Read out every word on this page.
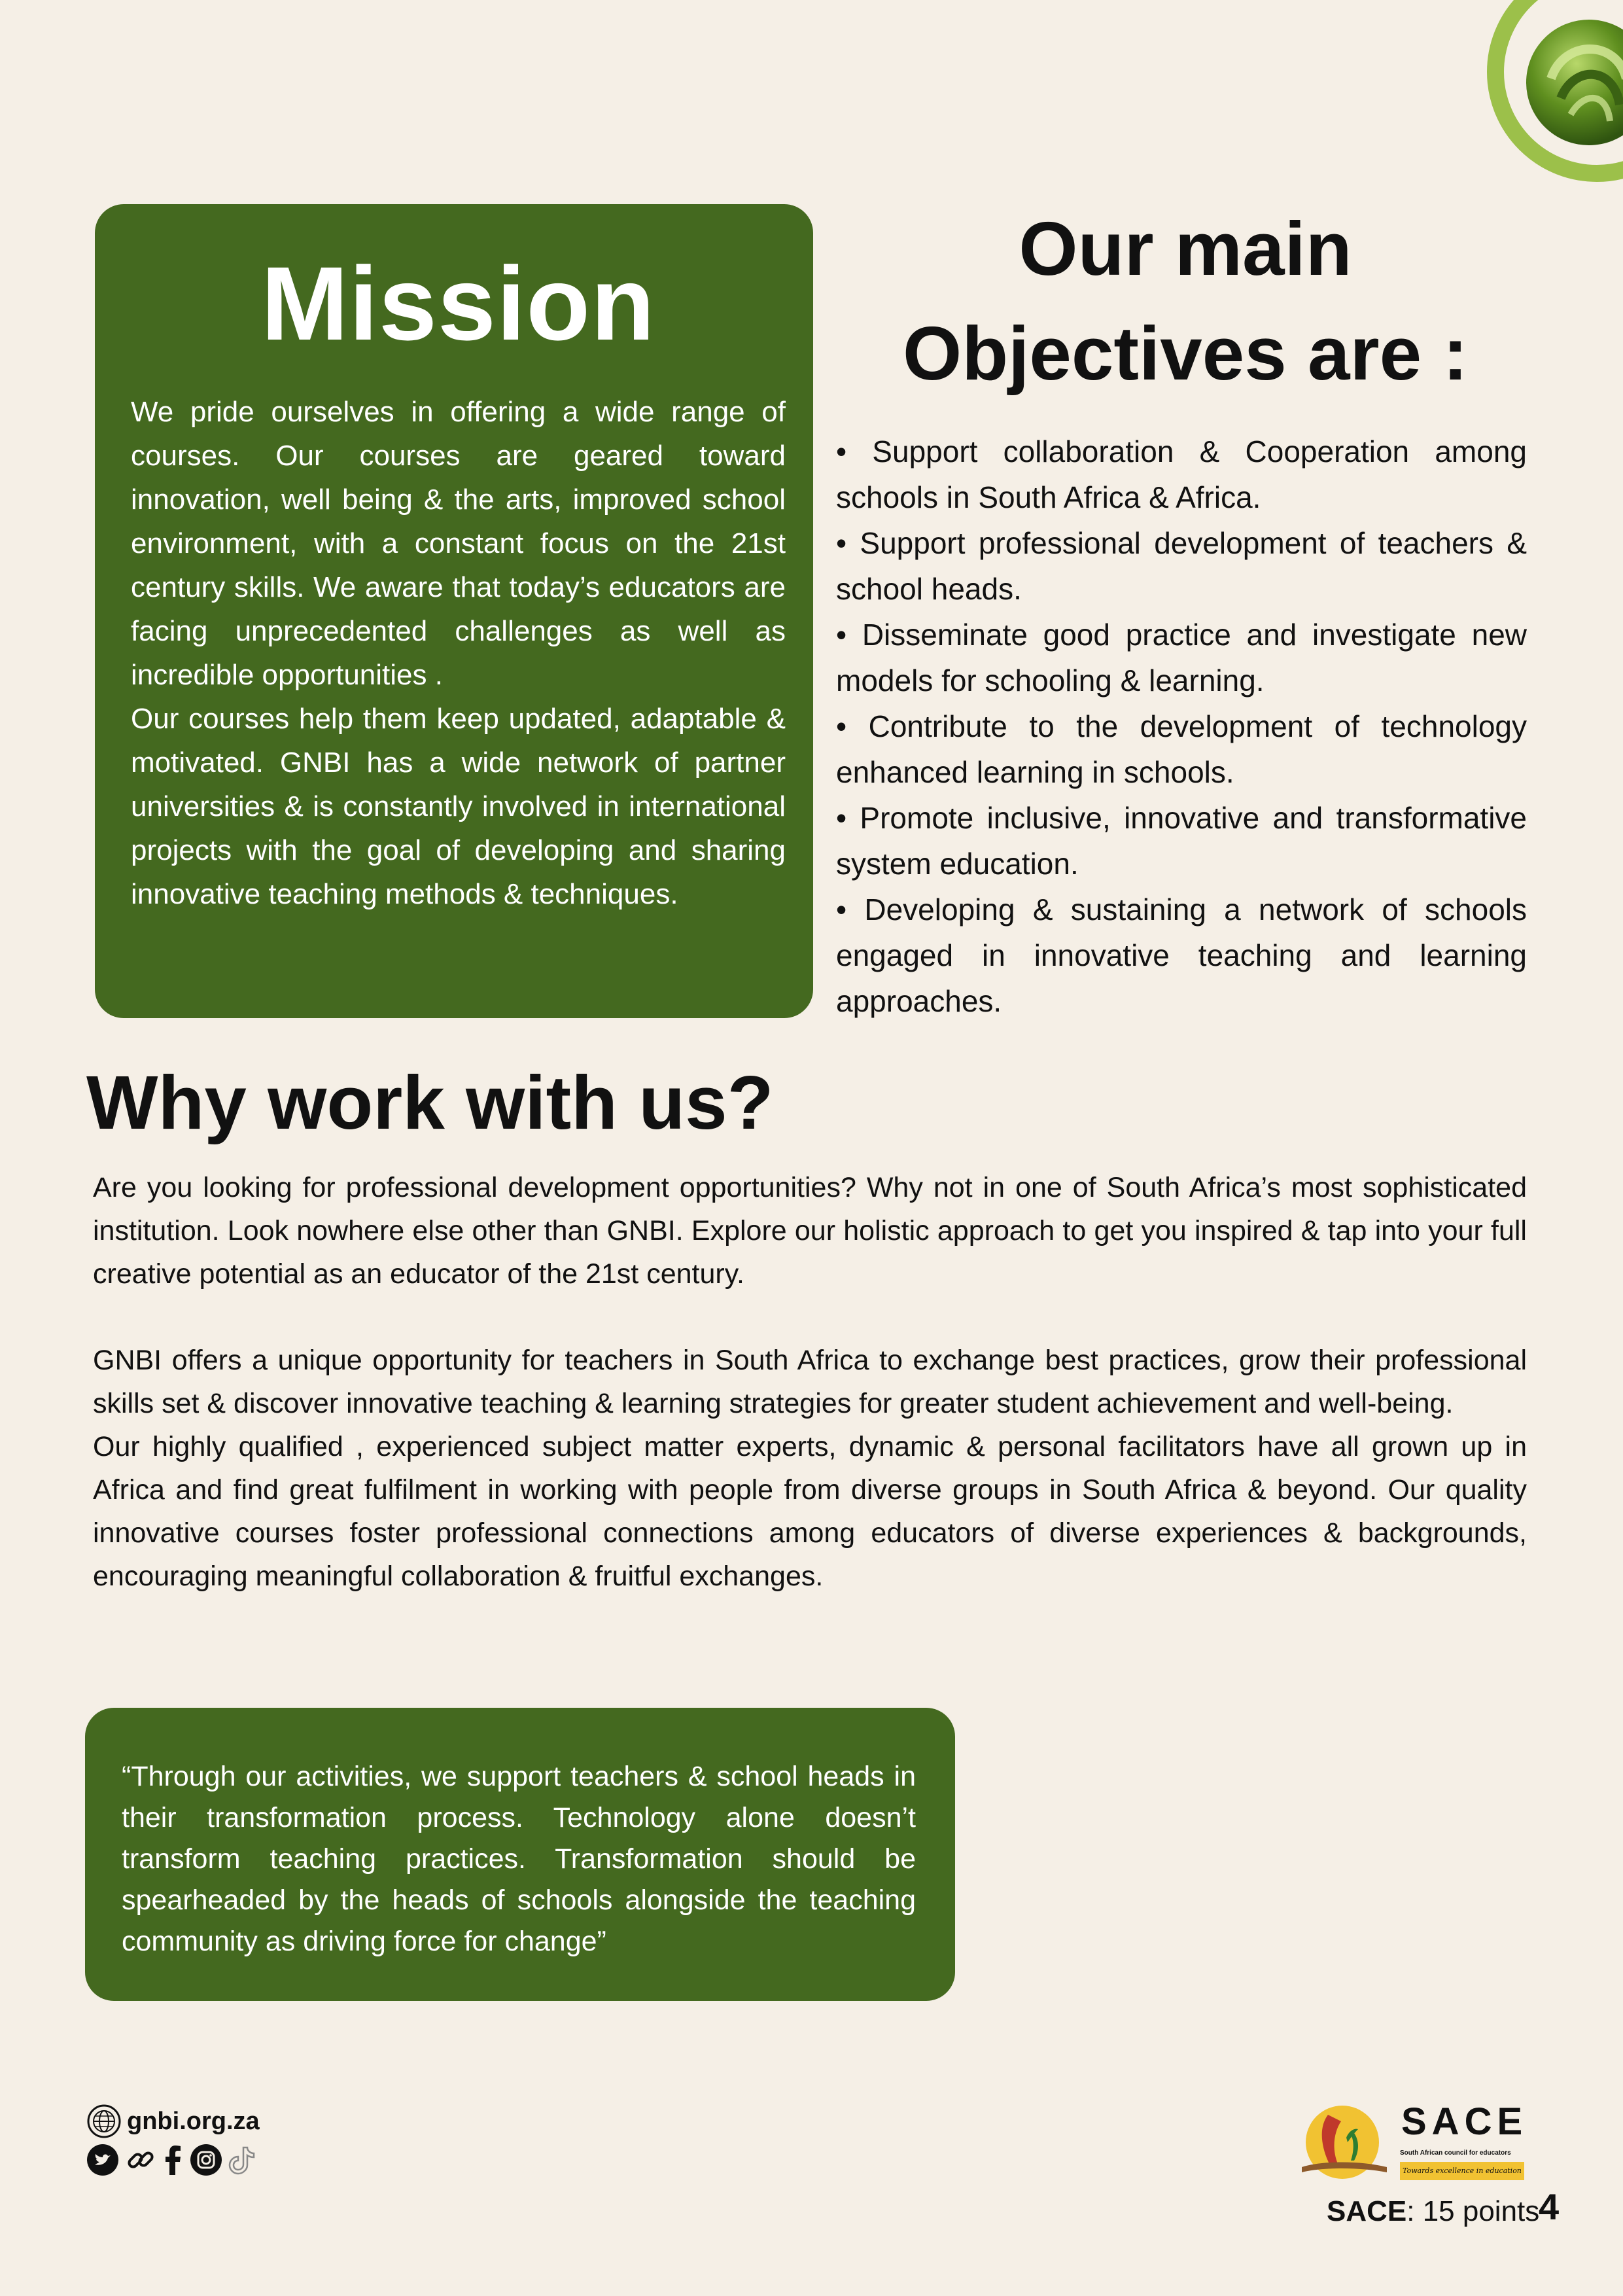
Mission

We pride ourselves in offering a wide range of courses. Our courses are geared toward innovation, well being & the arts, improved school environment, with a constant focus on the 21st century skills. We aware that today’s educators are facing unprecedented challenges as well as incredible opportunities .

Our courses help them keep updated, adaptable & motivated. GNBI has a wide network of partner universities & is constantly involved in international projects with the goal of developing and sharing innovative teaching methods & techniques.

Our main
Objectives are :

• Support collaboration & Cooperation among schools in South Africa & Africa.

• Support professional development of teachers & school heads.

• Disseminate good practice and investigate new models for schooling & learning.

• Contribute to the development of technology enhanced learning in schools.

• Promote inclusive, innovative and transformative system education.

• Developing & sustaining a network of schools engaged in innovative teaching and learning approaches.

Why work with us?

Are you looking for professional development opportunities? Why not in one of South Africa’s most sophisticated institution. Look nowhere else other than GNBI. Explore our holistic approach to get you inspired & tap into your full creative potential as an educator of the 21st century.

GNBI offers a unique opportunity for teachers in South Africa to exchange best practices, grow their professional skills set & discover innovative teaching & learning strategies for greater student achievement and well-being.

Our highly qualified , experienced subject matter experts, dynamic & personal facilitators have all grown up in Africa and find great fulfilment in working with people from diverse groups in South Africa & beyond. Our quality innovative courses foster professional connections among educators of diverse experiences & backgrounds, encouraging meaningful collaboration & fruitful exchanges.

“Through our activities, we support teachers & school heads in their transformation process. Technology alone doesn’t transform teaching practices. Transformation should be spearheaded by the heads of schools alongside the teaching community as driving force for change”
gnbi.org.za	SACE
South African council for educators
Towards excellence in education
SACE: 15 points
4
